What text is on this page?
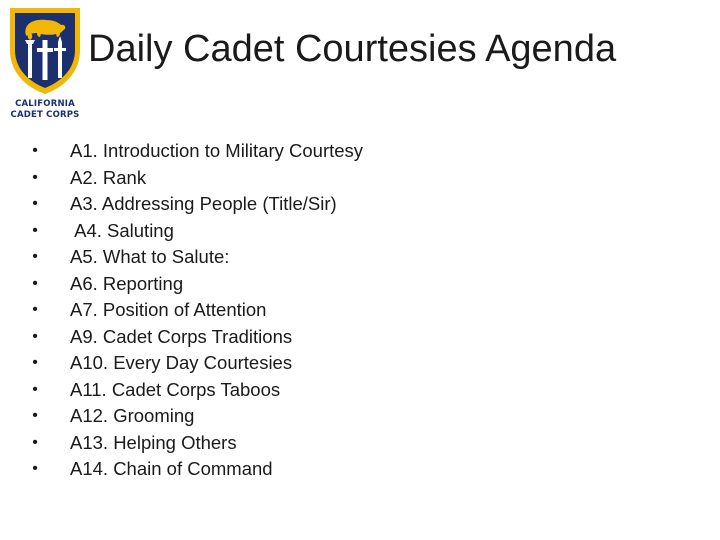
CALIFORNIA
CADET CORPS
Daily Cadet Courtesies Agenda
• A1. Introduction to Military Courtesy
• A2. Rank
• A3. Addressing People (Title/Sir)
• A4. Saluting
• A5. What to Salute:
• A6. Reporting
• A7. Position of Attention
• A9. Cadet Corps Traditions
• A10. Every Day Courtesies
• A11. Cadet Corps Taboos
• A12. Grooming
• A13. Helping Others
• A14. Chain of Command
